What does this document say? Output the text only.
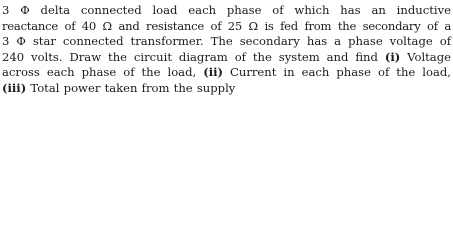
3 Φ delta connected load each phase of which has an inductive
reactance of 40 Ω and resistance of 25 Ω is fed from the secondary of a
3 Φ star connected transformer. The secondary has a phase voltage of
240 volts. Draw the circuit diagram of the system and find (i) Voltage
across each phase of the load, (ii) Current in each phase of the load,
(iii) Total power taken from the supply
